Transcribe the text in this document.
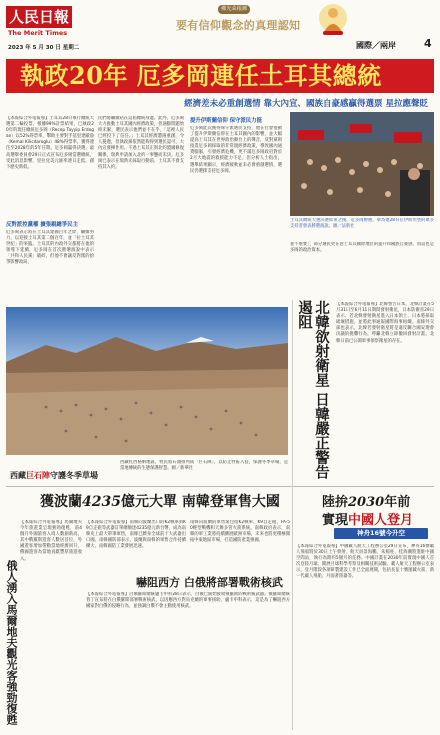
人民日報
The Merit Times
2023 年 5 月 30 日 星期二
佛光菜根譚
要有信仰觀念的真理認知
國際／兩岸	4
執政20年 厄多岡連任土耳其總統
經濟差未必重創選情 靠大內宣、國族自豪感贏得選票 星拉應聲貶
【本報綜合外電報導】土耳其28日舉行總統大選第二輪投票，根據99%計票結果，已執政20年的現任總統厄多岡（Recep Tayyip Erdogan）以52%得票率，擊敗主要對手基里達歐魯（Kemal Kilicdaroglu）48%得票率，獲得連任至2028年的5年任期。厄多岡贏得決選，最高選舉委員會29日正式宣布厄多岡當選總統，受此消息影響，里拉兌美元匯率連日走低，創下歷史新低。
反對派控黨權 擴張親總爭民主
厄多岡表示將在土耳其建國百年之際，繼續努力，以迎接土耳其第二個百年，並「拉土耳其世紀」的來臨。土耳其的內政外交都將在他的領導下延續，厄多岡在首次勝選演說中表示「共和人民黨」破碎，但他不會讓反對派的紛爭影響政局。
民們將繼續站在這屆總統身邊。此外，厄多岡大力推動土耳其國內經濟政策，但通膨問題始終未解，選民表示他們並不在乎，「這裡人民已經投下了信任。」土耳其經濟遭遇重創，令人憂慮，但執政黨依然能夠得到選民認可，大內宣發揮作用。不過土耳其正與北約盟國修復關係，瑞典申請加入北約一事懸而未決。厄多岡已表示在瑞典未採取行動前，土耳其不會支持其入約。
提升伊斯蘭信仰 保守派民力挺
厄多岡此次獲得保守派選民支持，他在社會推動了提升伊斯蘭信仰在土耳其國內的影響，並大幅提高土耳其在世界政治舞台上的聲音，反對黨則指責厄多岡採取的非常規經濟政策，導致國內通貨膨脹，引發經濟危機，更不滿厄多岡政府對於2月大地震的救援能力不足。但分析人士指出，選舉結果顯示，經濟疲軟並未必會重創選情，選民仍選擇支持厄多岡。
土耳其總統大選決選結束之後，厄多岡勝選，舉為他28日在伊斯坦堡的眾多支持者發表勝選演說。圖／法新社
並不重要」，部分選民更在意土耳其國際地位的提升和國族自豪感，而這也是多岡的政治資本。
西藏巨石陣守護冬季草場
西藏札西格納地區，牧民將石頭排列成「巨石陣」，以防止牲畜入侵，保護冬季草場，是當地傳統的生態保護智慧。圖／新華社	北韓欲射衛星 日韓嚴正警告遏阻	【本報綜合外電報導】北韓警告日本，北韓計畫在5月31日至6月11日期間發射衛星，日本防衛省29日表示，若北韓發射衛星進入日本領土，日本將採取破壞措施，並將此事通報國際海事組織。南韓外交部也表示，北韓若發射衛星將是違反聯合國安理會決議的挑釁行為，呼籲北韓立即撤回發射計畫。北韓日前已公開軍事偵察衛星的存在。
獲波蘭4235億元大單 南韓登軍售大國
俄人湧入馬爾地夫觀光客強勁復甦
【本報綜合外電報導】馬爾地夫今年旅遊業呈現強勁復甦，前4個月外國旅客入境人數創新高，其中俄羅斯遊客人數居首位，外國遊客增加帶動當地經濟回升，俄國遊客為當地貢獻豐厚旅遊收入。
【本報綜合外電報導】南韓向波蘭出口的K2戰車與K9自走砲等武器訂單總額達4235億元新台幣，成為南韓史上最大單筆軍售，南韓已躋身全球前十大武器出口國。南韓國防部表示，波蘭與南韓的軍售合作持續擴大，南韓國防工業發展迅速。
南韓向波蘭的軍售案包括K2戰車、K9自走砲、FA-50輕型戰機和天舞多管火箭系統。南韓政府表示，南韓的軍工業將持續擴展歐洲市場，未來也將更積極開拓中東地區市場，打造國防產業強國。
嚇阻西方 白俄將部署戰術核武
【本報綜合外電報導】白俄羅斯總統盧卡申科28日表示，白俄已開始接收俄羅斯的戰術核武器。俄羅斯總統普丁宣布將在白俄羅斯部署戰術核武，以因應西方對烏克蘭的軍事援助，盧卡申科表示，這是為了嚇阻西方國家對白俄的侵略行為，並強調白俄不會主動使用核武。
陸拚2030年前
實現中國人登月
神舟16號今升空
【本報綜合外電報導】中國載人航天工程辦公室29日宣布，神舟16號載人飛船將於30日上午發射，航天員景海鵬、朱楊柱、桂海潮將進駐中國空間站，執行為期約5個月的任務。中國計畫在2030年前實現中國人首次登陸月球，開展月球科學考察及相關技術試驗。載人航天工程辦公室表示，登月階段各項研製建設工作已全面展開，包括長征十號運載火箭、新一代載人飛船、月面著陸器等。
